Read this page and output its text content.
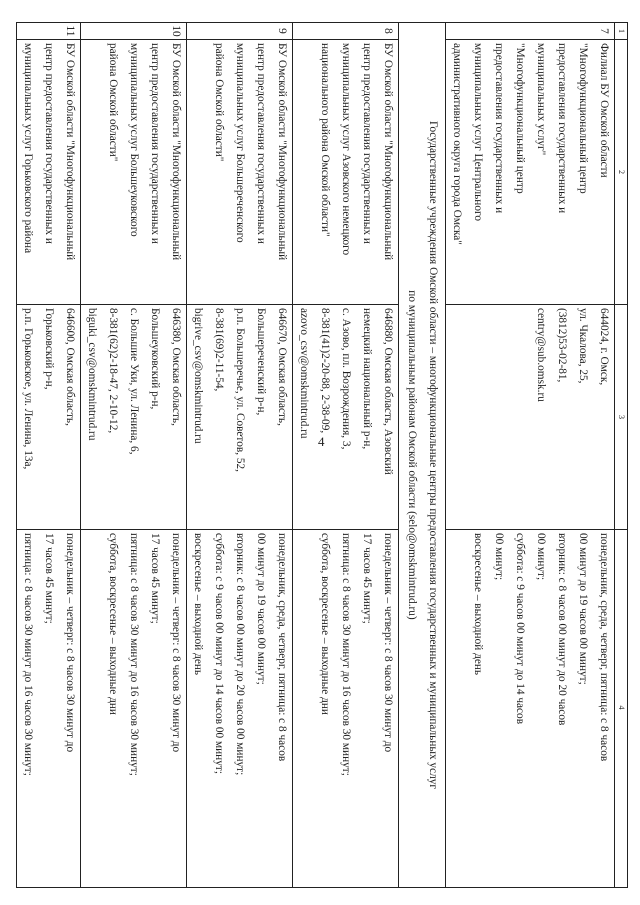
4
1
2
3
4
7
Филиал БУ Омской области
"Многофункциональный центр
предоставления государственных и
муниципальных услуг"
"Многофункциональный центр
предоставления государственных и
муниципальных услуг Центрального
административного округа города Омска"
644024, г. Омск,
ул. Чкалова, 25,
(3812)53-02-81,
centry@sub.omsk.ru
понедельник, среда, четверг, пятница: с 8 часов
00 минут до 19 часов 00 минут;
вторник: с 8 часов 00 минут до 20 часов
00 минут;
суббота: с 9 часов 00 минут до 14 часов
00 минут;
воскресенье – выходной день
Государственные учреждения Омской области – многофункциональные центры предоставления государственных и муниципальных услуг
по муниципальным районам Омской области (selo@omskmintrud.ru)
8
БУ Омской области "Многофункциональный
центр предоставления государственных и
муниципальных услуг Азовского немецкого
национального района Омской области"
646880, Омская область, Азовский
немецкий национальный р-н,
с. Азово, пл. Возрождения, 3,
8-381(41)2-20-88, 2-38-09,
azovo_csv@omskmintrud.ru
понедельник – четверг: с 8 часов 30 минут до
17 часов 45 минут;
пятница: с 8 часов 30 минут до 16 часов 30 минут;
суббота, воскресенье – выходные дни
9
БУ Омской области "Многофункциональный
центр предоставления государственных и
муниципальных услуг Большереченского
района Омской области"
646670, Омская область,
Большереченский р-н,
р.п. Большеречье, ул. Советов, 52,
8-381(69)2-11-54,
bigrive_csv@omskmintrud.ru
понедельник, среда, четверг, пятница: с 8 часов
00 минут до 19 часов 00 минут;
вторник: с 8 часов 00 минут до 20 часов 00 минут;
суббота: с 9 часов 00 минут до 14 часов 00 минут;
воскресенье – выходной день
10
БУ Омской области "Многофункциональный
центр предоставления государственных и
муниципальных услуг Большеуковского
района Омской области"
646380, Омская область,
Большеуковский р-н,
с. Большие Уки, ул. Ленина, 6,
8-381(62)2-18-47, 2-10-12,
bigukі_csv@omskmintrud.ru
понедельник – четверг: с 8 часов 30 минут до
17 часов 45 минут;
пятница: с 8 часов 30 минут до 16 часов 30 минут;
суббота, воскресенье – выходные дни
11
БУ Омской области "Многофункциональный
центр предоставления государственных и
муниципальных услуг Горьковского района
646600, Омская область,
Горьковский р-н,
р.п. Горьковское, ул. Ленина, 13а,
понедельник – четверг: с 8 часов 30 минут до
17 часов 45 минут;
пятница: с 8 часов 30 минут до 16 часов 30 минут;
